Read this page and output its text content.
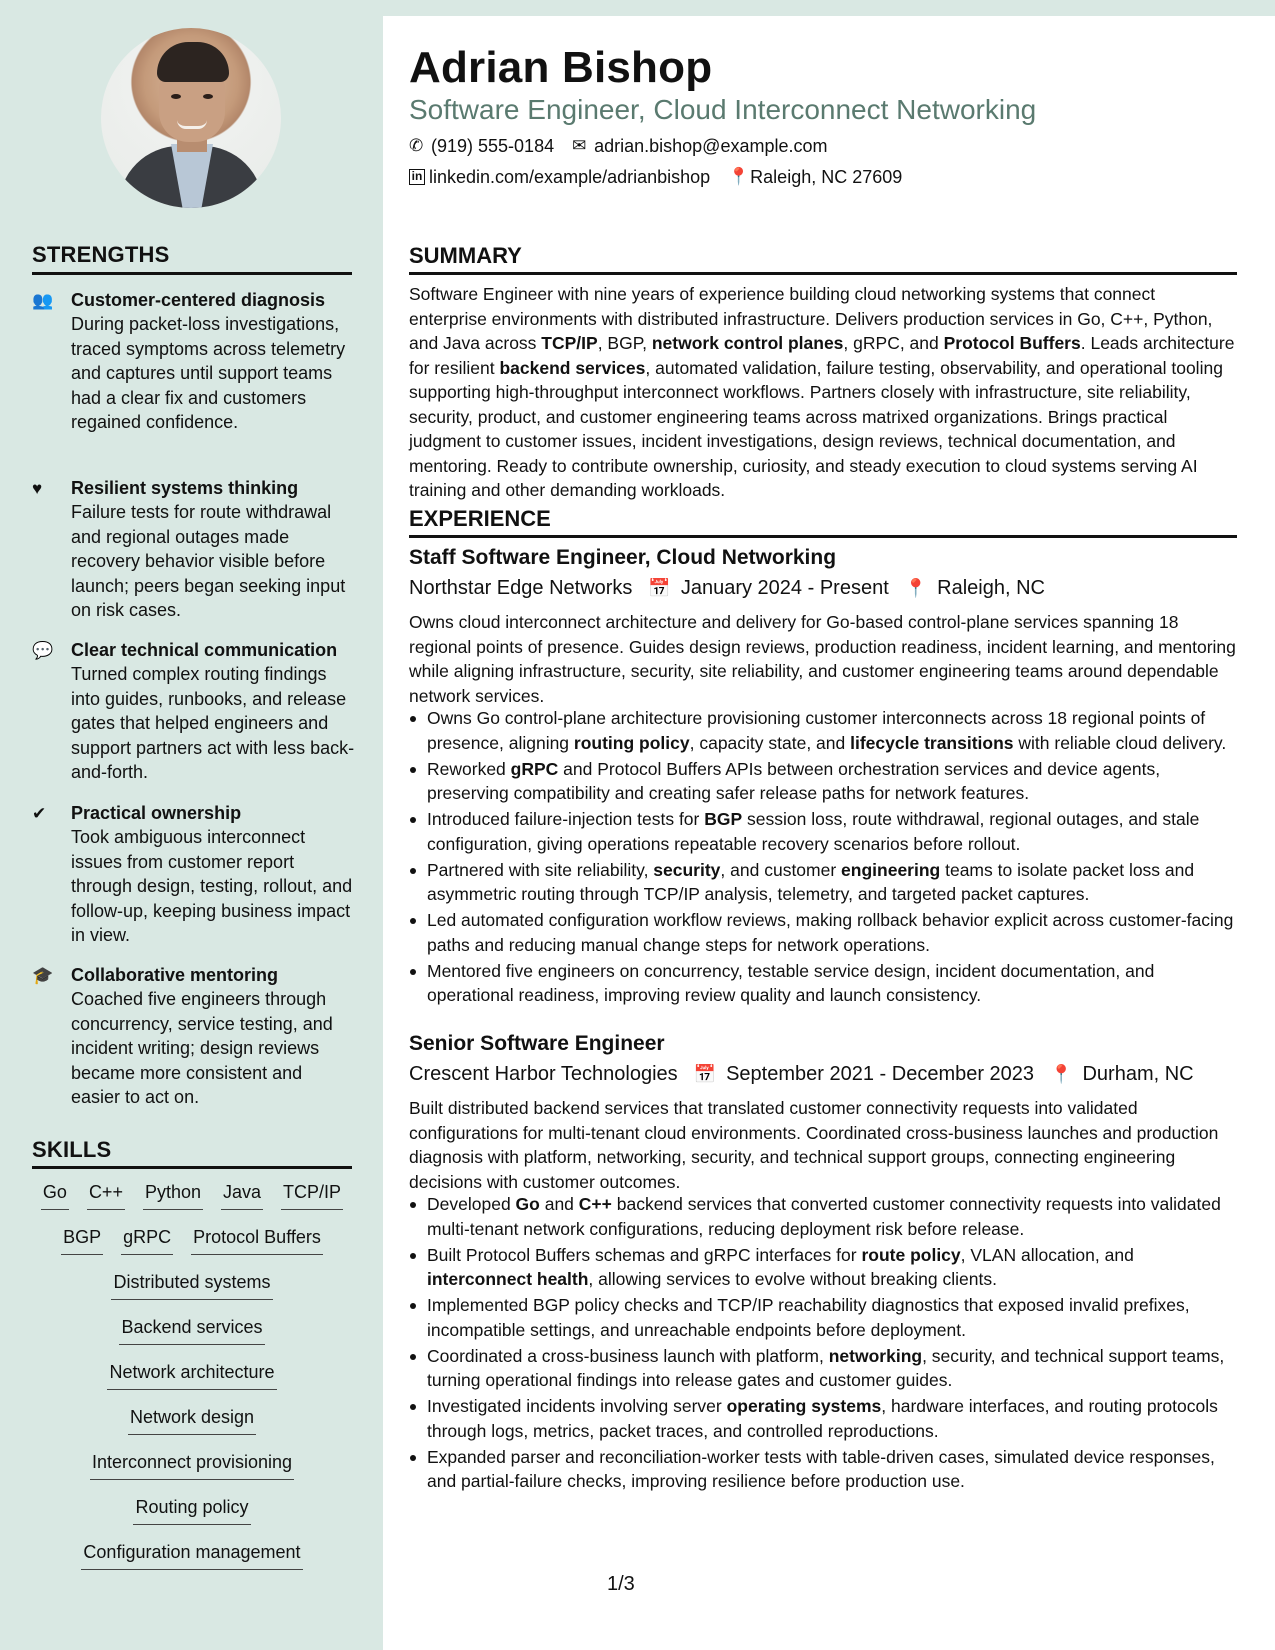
STRENGTHS
👥 Customer-centered diagnosis
During packet-loss investigations, traced symptoms across telemetry and captures until support teams had a clear fix and customers regained confidence.
♥	Resilient systems thinking
Failure tests for route withdrawal and regional outages made recovery behavior visible before launch; peers began seeking input on risk cases.
💬 Clear technical communication
Turned complex routing findings into guides, runbooks, and release gates that helped engineers and support partners act with less back-and-forth.
✔	Practical ownership
Took ambiguous interconnect issues from customer report through design, testing, rollout, and follow-up, keeping business impact in view.
🎓 Collaborative mentoring
Coached five engineers through concurrency, service testing, and incident writing; design reviews became more consistent and easier to act on.
SKILLS
Go C++ Python Java TCP/IP
BGP gRPC Protocol Buffers
Distributed systems
Backend services
Network architecture
Network design
Interconnect provisioning
Routing policy
Configuration management
Adrian Bishop
Software Engineer, Cloud Interconnect Networking
✆ (919) 555-0184 ✉ adrian.bishop@example.com
in linkedin.com/example/adrianbishop 📍 Raleigh, NC 27609
SUMMARY
Software Engineer with nine years of experience building cloud networking systems that connect enterprise environments with distributed infrastructure. Delivers production services in Go, C++, Python, and Java across TCP/IP, BGP, network control planes, gRPC, and Protocol Buffers. Leads architecture for resilient backend services, automated validation, failure testing, observability, and operational tooling supporting high-throughput interconnect workflows. Partners closely with infrastructure, site reliability, security, product, and customer engineering teams across matrixed organizations. Brings practical judgment to customer issues, incident investigations, design reviews, technical documentation, and mentoring. Ready to contribute ownership, curiosity, and steady execution to cloud systems serving AI training and other demanding workloads.
EXPERIENCE
Staff Software Engineer, Cloud Networking
Northstar Edge Networks 📅 January 2024 - Present 📍 Raleigh, NC
Owns cloud interconnect architecture and delivery for Go-based control-plane services spanning 18 regional points of presence. Guides design reviews, production readiness, incident learning, and mentoring while aligning infrastructure, security, site reliability, and customer engineering teams around dependable network services.
Owns Go control-plane architecture provisioning customer interconnects across 18 regional points of presence, aligning routing policy, capacity state, and lifecycle transitions with reliable cloud delivery.
Reworked gRPC and Protocol Buffers APIs between orchestration services and device agents, preserving compatibility and creating safer release paths for network features.
Introduced failure-injection tests for BGP session loss, route withdrawal, regional outages, and stale configuration, giving operations repeatable recovery scenarios before rollout.
Partnered with site reliability, security, and customer engineering teams to isolate packet loss and asymmetric routing through TCP/IP analysis, telemetry, and targeted packet captures.
Led automated configuration workflow reviews, making rollback behavior explicit across customer-facing paths and reducing manual change steps for network operations.
Mentored five engineers on concurrency, testable service design, incident documentation, and operational readiness, improving review quality and launch consistency.
Senior Software Engineer
Crescent Harbor Technologies 📅 September 2021 - December 2023 📍 Durham, NC
Built distributed backend services that translated customer connectivity requests into validated configurations for multi-tenant cloud environments. Coordinated cross-business launches and production diagnosis with platform, networking, security, and technical support groups, connecting engineering decisions with customer outcomes.
Developed Go and C++ backend services that converted customer connectivity requests into validated multi-tenant network configurations, reducing deployment risk before release.
Built Protocol Buffers schemas and gRPC interfaces for route policy, VLAN allocation, and interconnect health, allowing services to evolve without breaking clients.
Implemented BGP policy checks and TCP/IP reachability diagnostics that exposed invalid prefixes, incompatible settings, and unreachable endpoints before deployment.
Coordinated a cross-business launch with platform, networking, security, and technical support teams, turning operational findings into release gates and customer guides.
Investigated incidents involving server operating systems, hardware interfaces, and routing protocols through logs, metrics, packet traces, and controlled reproductions.
Expanded parser and reconciliation-worker tests with table-driven cases, simulated device responses, and partial-failure checks, improving resilience before production use.
1/3
